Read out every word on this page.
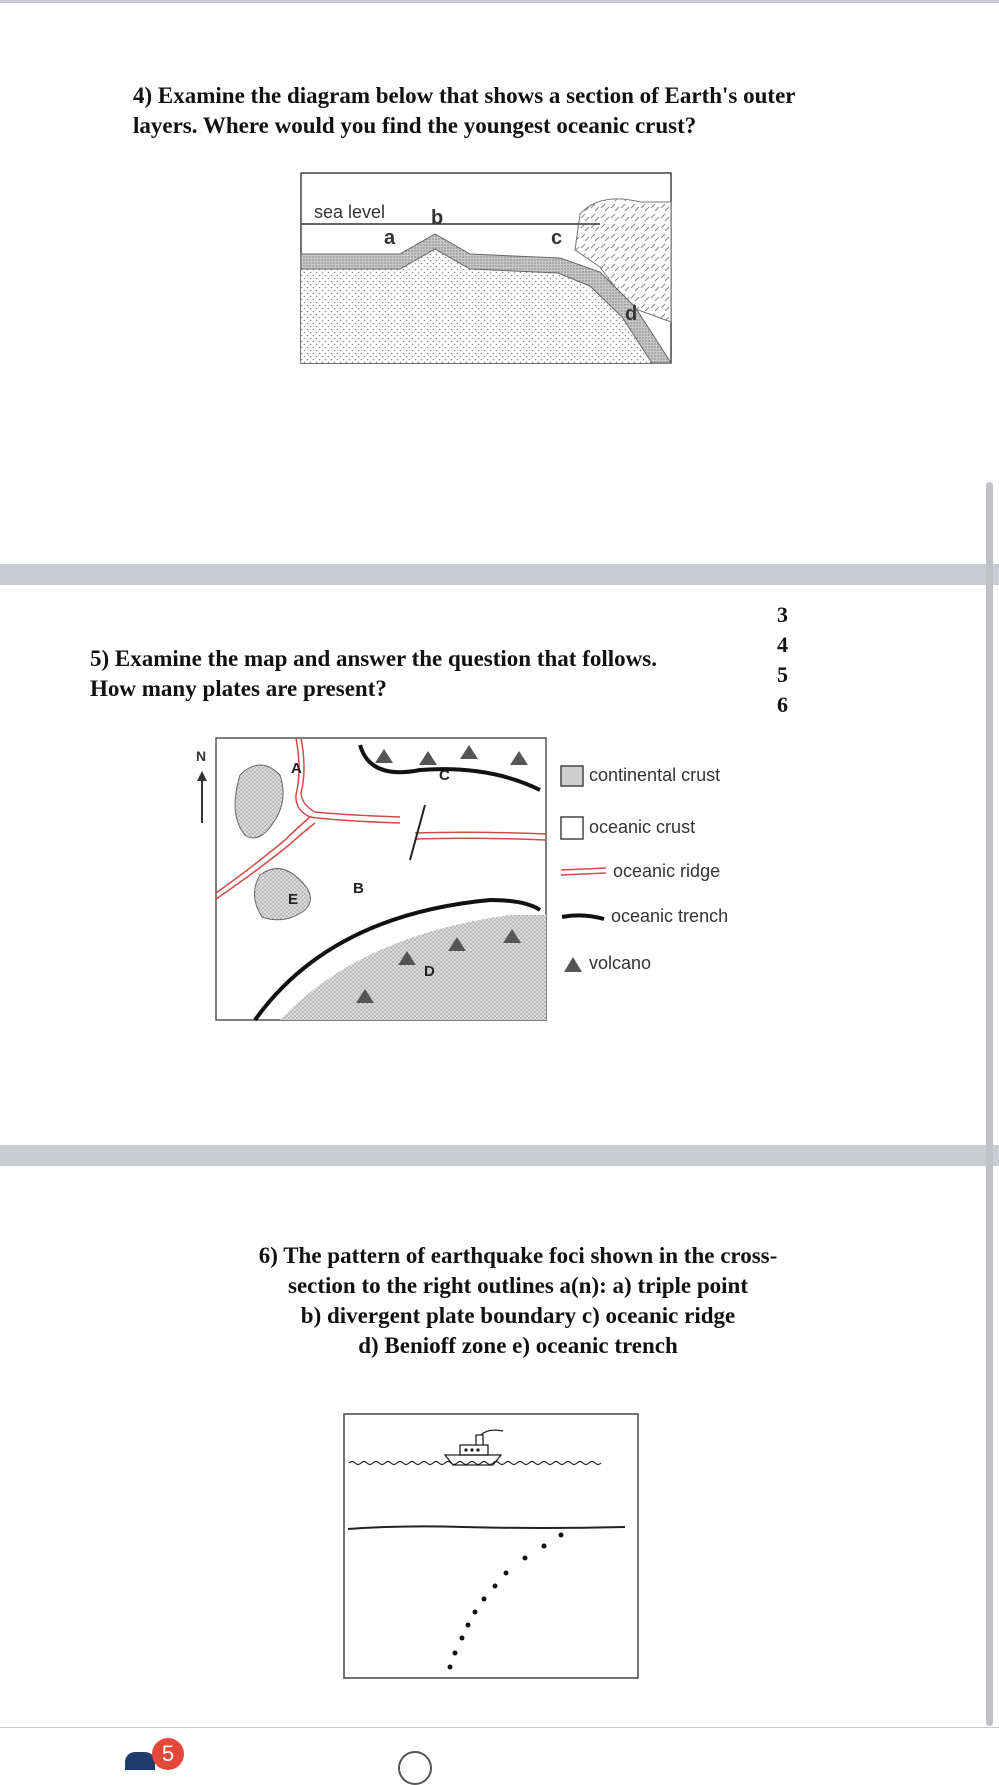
4) Examine the diagram below that shows a section of Earth's outer
layers. Where would you find the youngest oceanic crust?
sea level
a
b
c
d
5) Examine the map and answer the question that follows.
How many plates are present?
3
4
5
6
N
A
B
C
D
E
continental crust
oceanic crust
oceanic ridge
oceanic trench
volcano
6) The pattern of earthquake foci shown in the cross-
section to the right outlines a(n): a) triple point
b) divergent plate boundary c) oceanic ridge
d) Benioff zone e) oceanic trench
5
